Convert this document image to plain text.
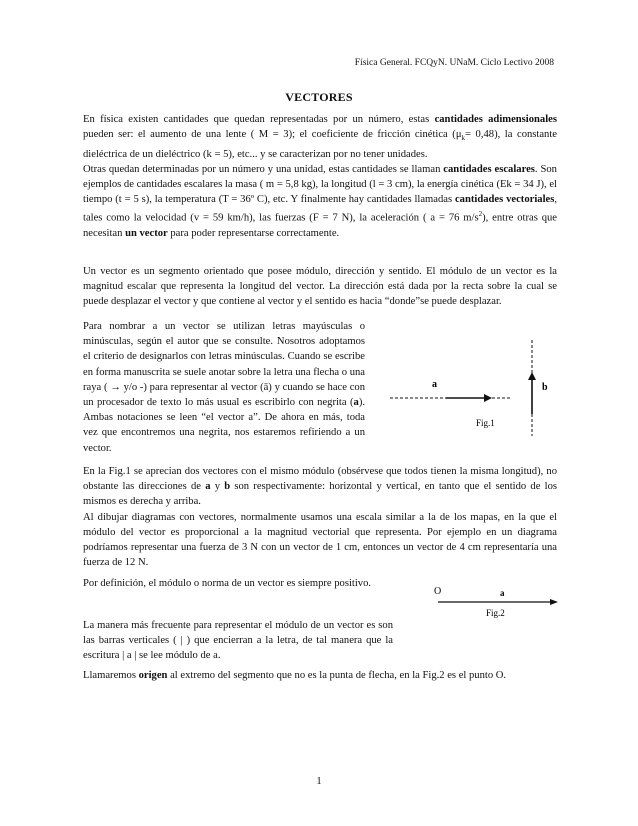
Física General. FCQyN. UNaM. Ciclo Lectivo 2008
VECTORES

En física existen cantidades que quedan representadas por un número, estas cantidades adimensionales pueden ser: el aumento de una lente ( M = 3); el coeficiente de fricción cinética $(\mu_k= 0,48)$, la constante dieléctrica de un dieléctrico (k = 5), etc... y se caracterizan por no tener unidades.

Otras quedan determinadas por un número y una unidad, estas cantidades se llaman cantidades escalares. Son ejemplos de cantidades escalares la masa ( m = 5,8 kg), la longitud (l = 3 cm), la energía cinética (Ek = 34 J), el tiempo (t = 5 s), la temperatura (T = 36º C), etc. Y finalmente hay cantidades llamadas cantidades vectoriales, tales como la velocidad (v = 59 km/h), las fuerzas (F = 7 N), la aceleración ( a = 76 $m/s^2$), entre otras que necesitan un vector para poder representarse correctamente.

Un vector es un segmento orientado que posee módulo, dirección y sentido. El módulo de un vector es la magnitud escalar que representa la longitud del vector. La dirección está dada por la recta sobre la cual se puede desplazar el vector y que contiene al vector y el sentido es hacia “donde”se puede desplazar.

Para nombrar a un vector se utilizan letras mayúsculas o minúsculas, según el autor que se consulte. Nosotros adoptamos el criterio de designarlos con letras minúsculas. Cuando se escribe en forma manuscrita se suele anotar sobre la letra una flecha o una raya ( → y/o -) para representar al vector (ā) y cuando se hace con un procesador de texto lo más usual es escribirlo con negrita (a). Ambas notaciones se leen “el vector a”. De ahora en más, toda vez que encontremos una negrita, nos estaremos refiriendo a un vector.

a	b
Fig.1

En la Fig.1 se aprecian dos vectores con el mismo módulo (obsérvese que todos tienen la misma longitud), no obstante las direcciones de a y b son respectivamente: horizontal y vertical, en tanto que el sentido de los mismos es derecha y arriba.

Al dibujar diagramas con vectores, normalmente usamos una escala similar a la de los mapas, en la que el módulo del vector es proporcional a la magnitud vectorial que representa. Por ejemplo en un diagrama podríamos representar una fuerza de 3 N con un vector de 1 cm, entonces un vector de 4 cm representaría una fuerza de 12 N.

Por definición, el módulo o norma de un vector es siempre positivo.
La manera más frecuente para representar el módulo de un vector es son las barras verticales ( | ) que encierran a la letra, de tal manera que la escritura | a | se lee módulo de a.
O	a
Fig.2

Llamaremos origen al extremo del segmento que no es la punta de flecha, en la Fig.2 es el punto O.

1
